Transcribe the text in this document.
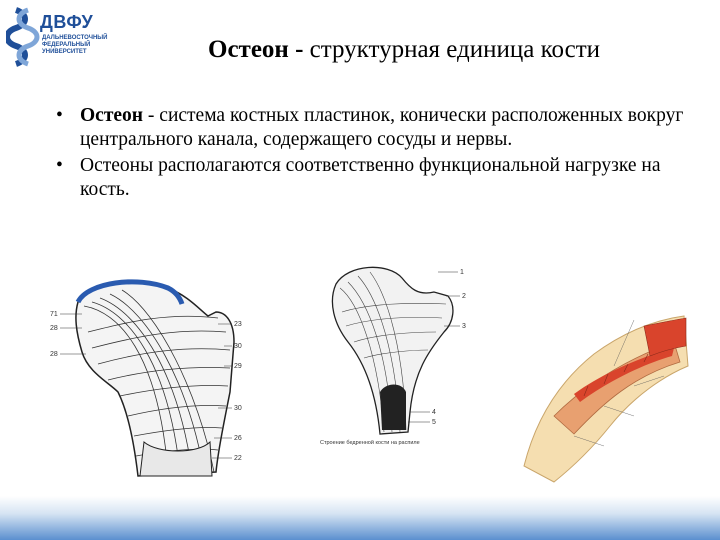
ДВФУ
ДАЛЬНЕВОСТОЧНЫЙ ФЕДЕРАЛЬНЫЙ УНИВЕРСИТЕТ	Остеон - структурная единица кости
• Остеон - система костных пластинок, конически расположенных вокруг центрального канала, содержащего сосуды и нервы.
• Остеоны располагаются соответственно функциональной нагрузке на кость.
71
28
28
23
30
29
30
26
22
1
2
3
4
5
Строение бедренной кости на распиле
